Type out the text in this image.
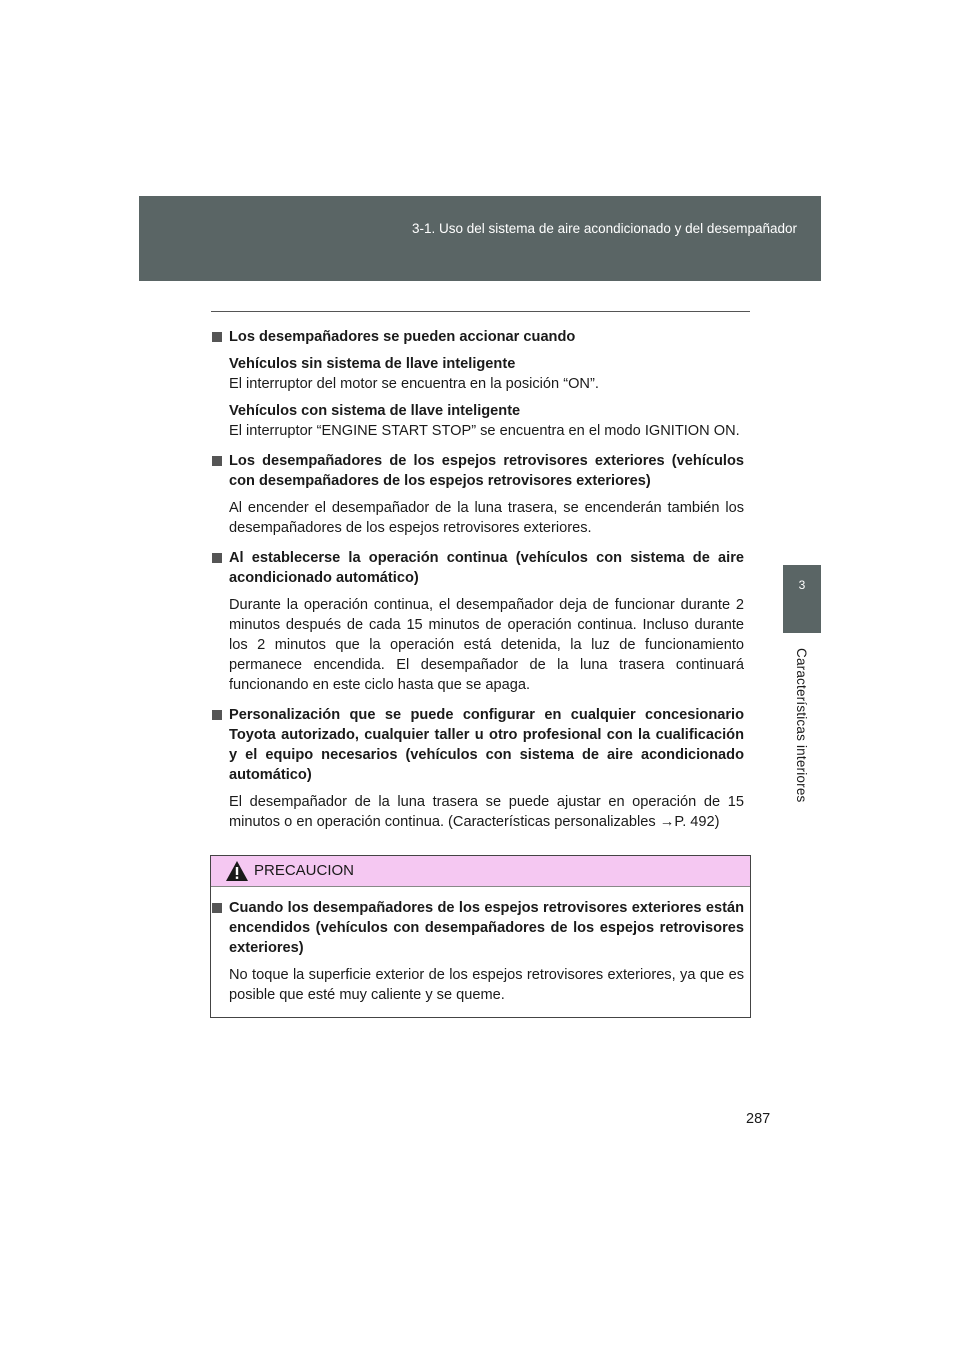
3-1. Uso del sistema de aire acondicionado y del desempañador
3
Características interiores
Los desempañadores se pueden accionar cuando
Vehículos sin sistema de llave inteligente
El interruptor del motor se encuentra en la posición “ON”.
Vehículos con sistema de llave inteligente
El interruptor “ENGINE START STOP” se encuentra en el modo IGNITION ON.
Los desempañadores de los espejos retrovisores exteriores (vehículos con desempañadores de los espejos retrovisores exteriores)
Al encender el desempañador de la luna trasera, se encenderán también los desempañadores de los espejos retrovisores exteriores.
Al establecerse la operación continua (vehículos con sistema de aire acondicionado automático)
Durante la operación continua, el desempañador deja de funcionar durante 2 minutos después de cada 15 minutos de operación continua. Incluso durante los 2 minutos que la operación está detenida, la luz de funcionamiento permanece encendida. El desempañador de la luna trasera continuará funcionando en este ciclo hasta que se apaga.
Personalización que se puede configurar en cualquier concesionario Toyota autorizado, cualquier taller u otro profesional con la cualificación y el equipo necesarios (vehículos con sistema de aire acondicionado automático)
El desempañador de la luna trasera se puede ajustar en operación de 15 minutos o en operación continua. (Características personalizables →P. 492)
PRECAUCION
Cuando los desempañadores de los espejos retrovisores exteriores están encendidos (vehículos con desempañadores de los espejos retrovisores exteriores)
No toque la superficie exterior de los espejos retrovisores exteriores, ya que es posible que esté muy caliente y se queme.
287
